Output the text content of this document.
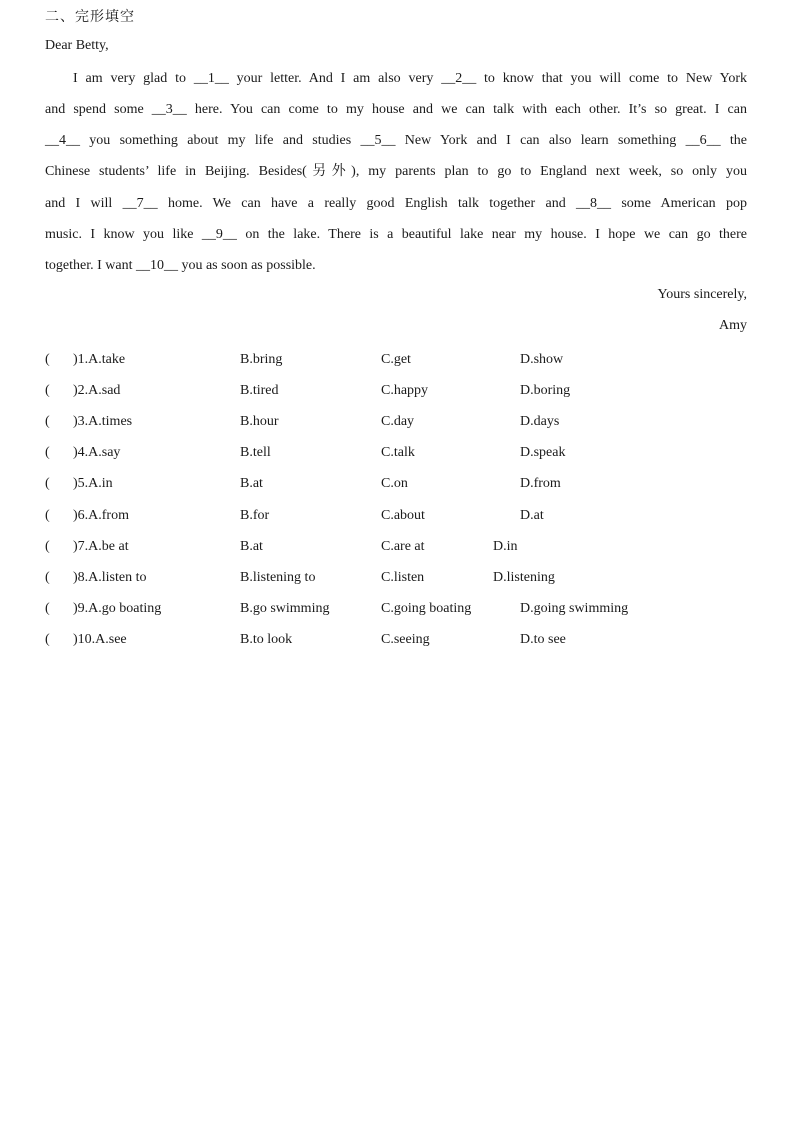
二、完形填空
Dear Betty,
I am very glad to __1__ your letter. And I am also very __2__ to know that you will come to New York
and spend some __3__ here. You can come to my house and we can talk with each other. It’s so great. I can
__4__ you something about my life and studies __5__ New York and I can also learn something __6__ the
Chinese students’ life in Beijing. Besides(另外), my parents plan to go to England next week, so only you
and I will __7__ home. We can have a really good English talk together and __8__ some American pop
music. I know you like __9__ on the lake. There is a beautiful lake near my house. I hope we can go there
together. I want __10__ you as soon as possible.
Yours sincerely,
Amy
( )1.A.take	B.bring	C.get	D.show
( )2.A.sad	B.tired	C.happy	D.boring
( )3.A.times	B.hour	C.day	D.days
( )4.A.say	B.tell	C.talk	D.speak
( )5.A.in	B.at	C.on	D.from
( )6.A.from	B.for	C.about	D.at
( )7.A.be at	B.at	C.are at	D.in
( )8.A.listen to	B.listening to	C.listen	D.listening
( )9.A.go boating	B.go swimming	C.going boating	D.going swimming
( )10.A.see	B.to look	C.seeing	D.to see
